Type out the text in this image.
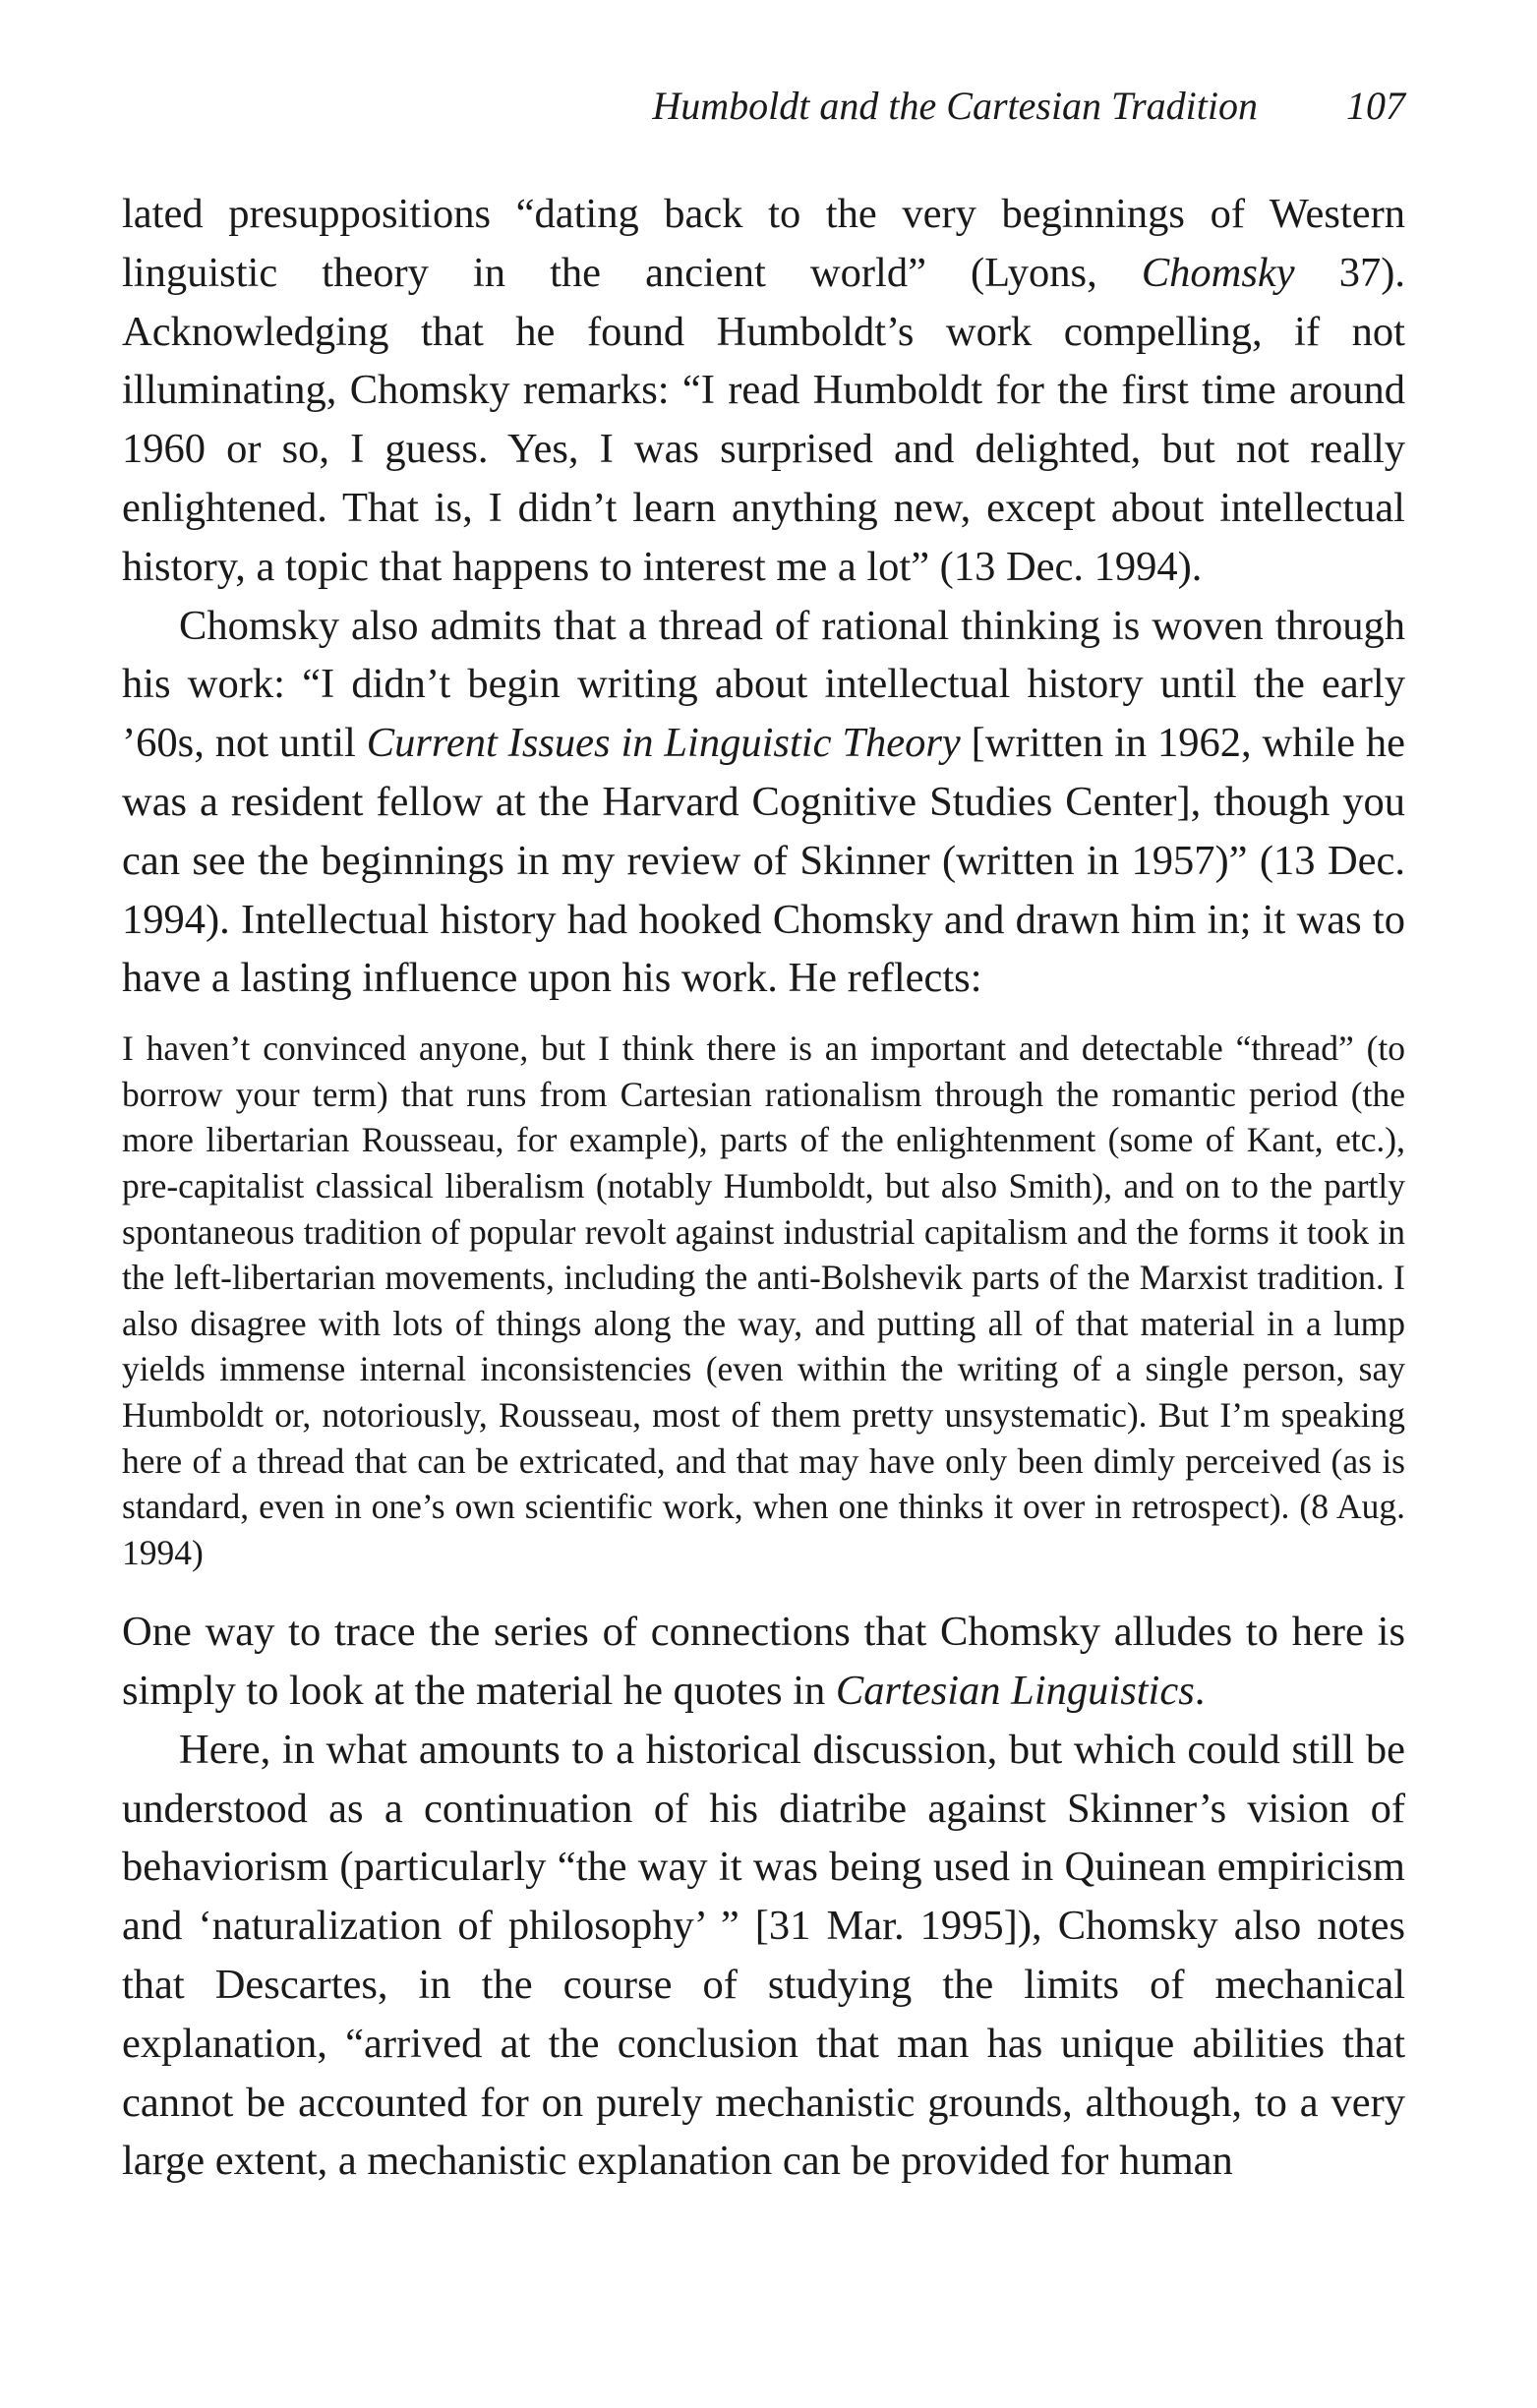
Humboldt and the Cartesian Tradition 107

lated presuppositions “dating back to the very beginnings of Western linguistic theory in the ancient world” (Lyons, Chomsky 37). Acknowledging that he found Humboldt’s work compelling, if not illuminating, Chomsky remarks: “I read Humboldt for the first time around 1960 or so, I guess. Yes, I was surprised and delighted, but not really enlightened. That is, I didn’t learn anything new, except about intellectual history, a topic that happens to interest me a lot” (13 Dec. 1994).

Chomsky also admits that a thread of rational thinking is woven through his work: “I didn’t begin writing about intellectual history until the early ’60s, not until Current Issues in Linguistic Theory [written in 1962, while he was a resident fellow at the Harvard Cognitive Studies Center], though you can see the beginnings in my review of Skinner (written in 1957)” (13 Dec. 1994). Intellectual history had hooked Chomsky and drawn him in; it was to have a lasting influence upon his work. He reflects:

I haven’t convinced anyone, but I think there is an important and detectable “thread” (to borrow your term) that runs from Cartesian rationalism through the romantic period (the more libertarian Rousseau, for example), parts of the enlightenment (some of Kant, etc.), pre-capitalist classical liberalism (notably Humboldt, but also Smith), and on to the partly spontaneous tradition of popular revolt against industrial capitalism and the forms it took in the left-libertarian movements, including the anti-Bolshevik parts of the Marxist tradition. I also disagree with lots of things along the way, and putting all of that material in a lump yields immense internal inconsistencies (even within the writing of a single person, say Humboldt or, notoriously, Rousseau, most of them pretty unsystematic). But I’m speaking here of a thread that can be extricated, and that may have only been dimly perceived (as is standard, even in one’s own scientific work, when one thinks it over in retrospect). (8 Aug. 1994)

One way to trace the series of connections that Chomsky alludes to here is simply to look at the material he quotes in Cartesian Linguistics.

Here, in what amounts to a historical discussion, but which could still be understood as a continuation of his diatribe against Skinner’s vision of behaviorism (particularly “the way it was being used in Quinean empiricism and ‘naturalization of philosophy’ ” [31 Mar. 1995]), Chomsky also notes that Descartes, in the course of studying the limits of mechanical explanation, “arrived at the conclusion that man has unique abilities that cannot be accounted for on purely mechanistic grounds, although, to a very large extent, a mechanistic explanation can be provided for human
